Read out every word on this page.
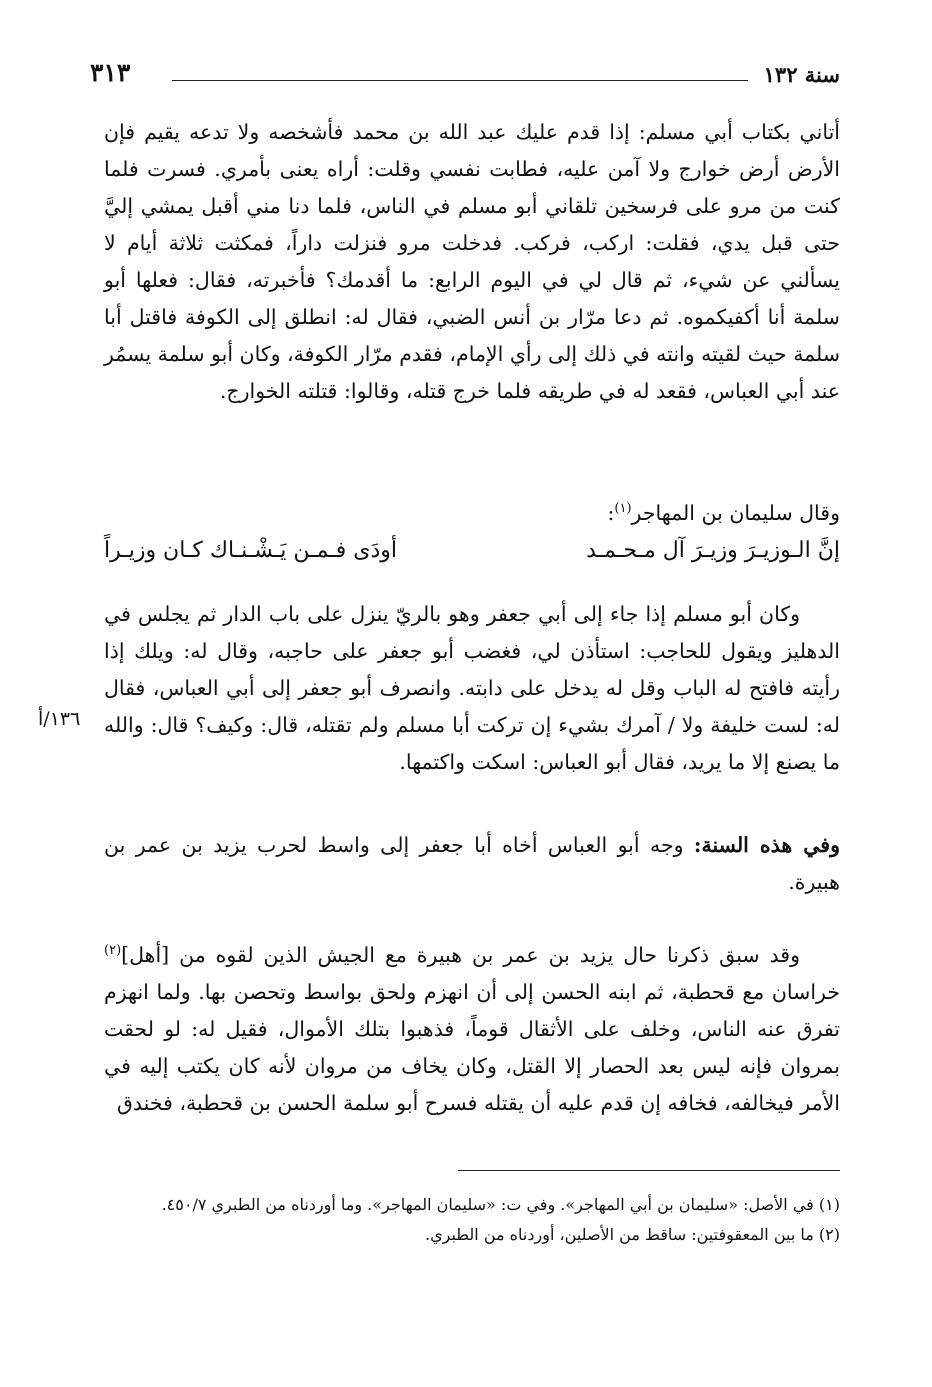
سنة ١٣٢
٣١٣
أتاني بكتاب أبي مسلم: إذا قدم عليك عبد الله بن محمد فأشخصه ولا تدعه يقيم فإن الأرض أرض خوارج ولا آمن عليه، فطابت نفسي وقلت: أراه يعنى بأمري. فسرت فلما كنت من مرو على فرسخين تلقاني أبو مسلم في الناس، فلما دنا مني أقبل يمشي إليَّ حتى قبل يدي، فقلت: اركب، فركب. فدخلت مرو فنزلت داراً، فمكثت ثلاثة أيام لا يسألني عن شيء، ثم قال لي في اليوم الرابع: ما أقدمك؟ فأخبرته، فقال: فعلها أبو سلمة أنا أكفيكموه. ثم دعا مرّار بن أنس الضبي، فقال له: انطلق إلى الكوفة فاقتل أبا سلمة حيث لقيته وانته في ذلك إلى رأي الإمام، فقدم مرّار الكوفة، وكان أبو سلمة يسمُر عند أبي العباس، فقعد له في طريقه فلما خرج قتله، وقالوا: قتلته الخوارج.
وقال سليمان بن المهاجر$^{(١)}$:
إنَّ الـوزيـرَ وزيـرَ آل مـحـمـد
أودَى فـمـن يَـشْـنـاك كـان وزيـراً
وكان أبو مسلم إذا جاء إلى أبي جعفر وهو بالريّ ينزل على باب الدار ثم يجلس في الدهليز ويقول للحاجب: استأذن لي، فغضب أبو جعفر على حاجبه، وقال له: ويلك إذا رأيته فافتح له الباب وقل له يدخل على دابته. وانصرف أبو جعفر إلى أبي العباس، فقال له: لست خليفة ولا / آمرك بشيء إن تركت أبا مسلم ولم تقتله، قال: وكيف؟ قال: والله ما يصنع إلا ما يريد، فقال أبو العباس: اسكت واكتمها.
١٣٦/أ
وفي هذه السنة: وجه أبو العباس أخاه أبا جعفر إلى واسط لحرب يزيد بن عمر بن هبيرة.
وقد سبق ذكرنا حال يزيد بن عمر بن هبيرة مع الجيش الذين لقوه من [أهل]$^{(٢)}$ خراسان مع قحطبة، ثم ابنه الحسن إلى أن انهزم ولحق بواسط وتحصن بها. ولما انهزم تفرق عنه الناس، وخلف على الأثقال قوماً، فذهبوا بتلك الأموال، فقيل له: لو لحقت بمروان فإنه ليس بعد الحصار إلا القتل، وكان يخاف من مروان لأنه كان يكتب إليه في الأمر فيخالفه، فخافه إن قدم عليه أن يقتله فسرح أبو سلمة الحسن بن قحطبة، فخندق

(١) في الأصل: «سليمان بن أبي المهاجر». وفي ت: «سليمان المهاجر». وما أوردناه من الطبري ٤٥٠/٧.

(٢) ما بين المعقوفتين: ساقط من الأصلين، أوردناه من الطبري.
